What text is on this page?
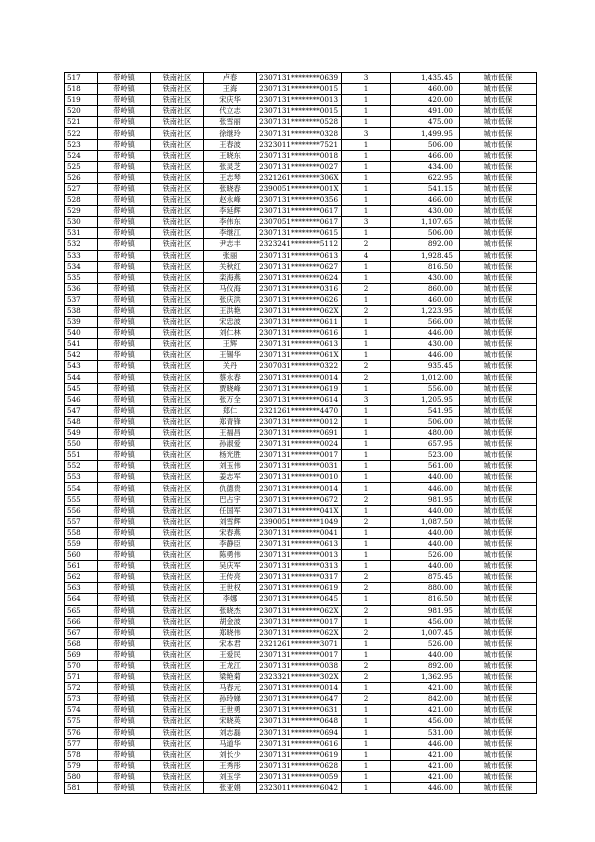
517	带岭镇	铁南社区	卢春	2307131********0639	3	1,435.45	城市低保
518	带岭镇	铁南社区	王海	2307131********0015	1	460.00	城市低保
519	带岭镇	铁南社区	宋庆华	2307131********0013	1	420.00	城市低保
520	带岭镇	铁南社区	代立志	2307131********0015	1	491.00	城市低保
521	带岭镇	铁南社区	张雪丽	2307131********0528	1	475.00	城市低保
522	带岭镇	铁南社区	徐继玲	2307131********0328	3	1,499.95	城市低保
523	带岭镇	铁南社区	王春波	2323011********7521	1	506.00	城市低保
524	带岭镇	铁南社区	王晓东	2307131********0018	1	466.00	城市低保
525	带岭镇	铁南社区	张灵芝	2307131********0027	1	434.00	城市低保
526	带岭镇	铁南社区	王志琴	2321261********306X	1	622.95	城市低保
527	带岭镇	铁南社区	张晓春	2390051********001X	1	541.15	城市低保
528	带岭镇	铁南社区	赵永峰	2307131********0356	1	466.00	城市低保
529	带岭镇	铁南社区	李延辉	2307131********0617	1	430.00	城市低保
530	带岭镇	铁南社区	李伟东	2307051********0617	3	1,107.65	城市低保
531	带岭镇	铁南社区	李继江	2307131********0615	1	506.00	城市低保
532	带岭镇	铁南社区	尹志丰	2323241********5112	2	892.00	城市低保
533	带岭镇	铁南社区	张丽	2307131********0613	4	1,928.45	城市低保
534	带岭镇	铁南社区	关秋红	2307131********0627	1	816.50	城市低保
535	带岭镇	铁南社区	栾海燕	2307131********0624	1	430.00	城市低保
536	带岭镇	铁南社区	马仪海	2307131********0316	2	860.00	城市低保
537	带岭镇	铁南社区	张庆洪	2307131********0626	1	460.00	城市低保
538	带岭镇	铁南社区	王洪艳	2307131********062X	2	1,223.95	城市低保
539	带岭镇	铁南社区	宋忠波	2307131********0611	1	566.00	城市低保
540	带岭镇	铁南社区	刘仁林	2307131********0616	1	446.00	城市低保
541	带岭镇	铁南社区	王辉	2307131********0613	1	430.00	城市低保
542	带岭镇	铁南社区	王锡华	2307131********061X	1	446.00	城市低保
543	带岭镇	铁南社区	关丹	2307031********0322	2	935.45	城市低保
544	带岭镇	铁南社区	蔡永春	2307131********0014	2	1,012.00	城市低保
545	带岭镇	铁南社区	贾晓峰	2307131********0619	1	556.00	城市低保
546	带岭镇	铁南社区	张万全	2307131********0614	3	1,205.95	城市低保
547	带岭镇	铁南社区	郑仁	2321261********4470	1	541.95	城市低保
548	带岭镇	铁南社区	郑青锋	2307131********0012	1	506.00	城市低保
549	带岭镇	铁南社区	王福昌	2307131********0691	1	480.00	城市低保
550	带岭镇	铁南社区	孙淑爱	2307131********0024	1	657.95	城市低保
551	带岭镇	铁南社区	杨光胜	2307131********0017	1	523.00	城市低保
552	带岭镇	铁南社区	刘玉伟	2307131********0031	1	561.00	城市低保
553	带岭镇	铁南社区	姜志军	2307131********0010	1	440.00	城市低保
554	带岭镇	铁南社区	仇德贵	2307131********0014	1	446.00	城市低保
555	带岭镇	铁南社区	巴占宇	2307131********0672	2	981.95	城市低保
556	带岭镇	铁南社区	任国军	2307131********041X	1	440.00	城市低保
557	带岭镇	铁南社区	刘雪辉	2390051********1049	2	1,087.50	城市低保
558	带岭镇	铁南社区	宋春燕	2307131********0041	1	440.00	城市低保
559	带岭镇	铁南社区	李静臣	2307131********0613	1	440.00	城市低保
560	带岭镇	铁南社区	陈勇伟	2307131********0013	1	526.00	城市低保
561	带岭镇	铁南社区	吴庆军	2307131********0313	1	440.00	城市低保
562	带岭镇	铁南社区	王传亮	2307131********0317	2	875.45	城市低保
563	带岭镇	铁南社区	王世权	2307131********0619	2	880.00	城市低保
564	带岭镇	铁南社区	李娜	2307131********0645	1	816.50	城市低保
565	带岭镇	铁南社区	张晓杰	2307131********062X	2	981.95	城市低保
566	带岭镇	铁南社区	胡金波	2307131********0017	1	456.00	城市低保
567	带岭镇	铁南社区	郑晓伟	2307131********062X	2	1,007.45	城市低保
568	带岭镇	铁南社区	宋本君	2321261********3071	1	526.00	城市低保
569	带岭镇	铁南社区	王爱民	2307131********0017	1	440.00	城市低保
570	带岭镇	铁南社区	王龙江	2307131********0038	2	892.00	城市低保
571	带岭镇	铁南社区	梁艳菊	2323321********302X	2	1,362.95	城市低保
572	带岭镇	铁南社区	马春元	2307131********0014	1	421.00	城市低保
573	带岭镇	铁南社区	孙玲娣	2307131********0647	2	842.00	城市低保
574	带岭镇	铁南社区	王世勇	2307131********0631	1	421.00	城市低保
575	带岭镇	铁南社区	宋晓英	2307131********0648	1	456.00	城市低保
576	带岭镇	铁南社区	刘志磊	2307131********0694	1	531.00	城市低保
577	带岭镇	铁南社区	马道华	2307131********0616	1	446.00	城市低保
578	带岭镇	铁南社区	刘长少	2307131********0619	1	421.00	城市低保
579	带岭镇	铁南社区	王秀彤	2307131********0628	1	421.00	城市低保
580	带岭镇	铁南社区	刘玉学	2307131********0059	1	421.00	城市低保
581	带岭镇	铁南社区	张亚娟	2323011********6042	1	446.00	城市低保
